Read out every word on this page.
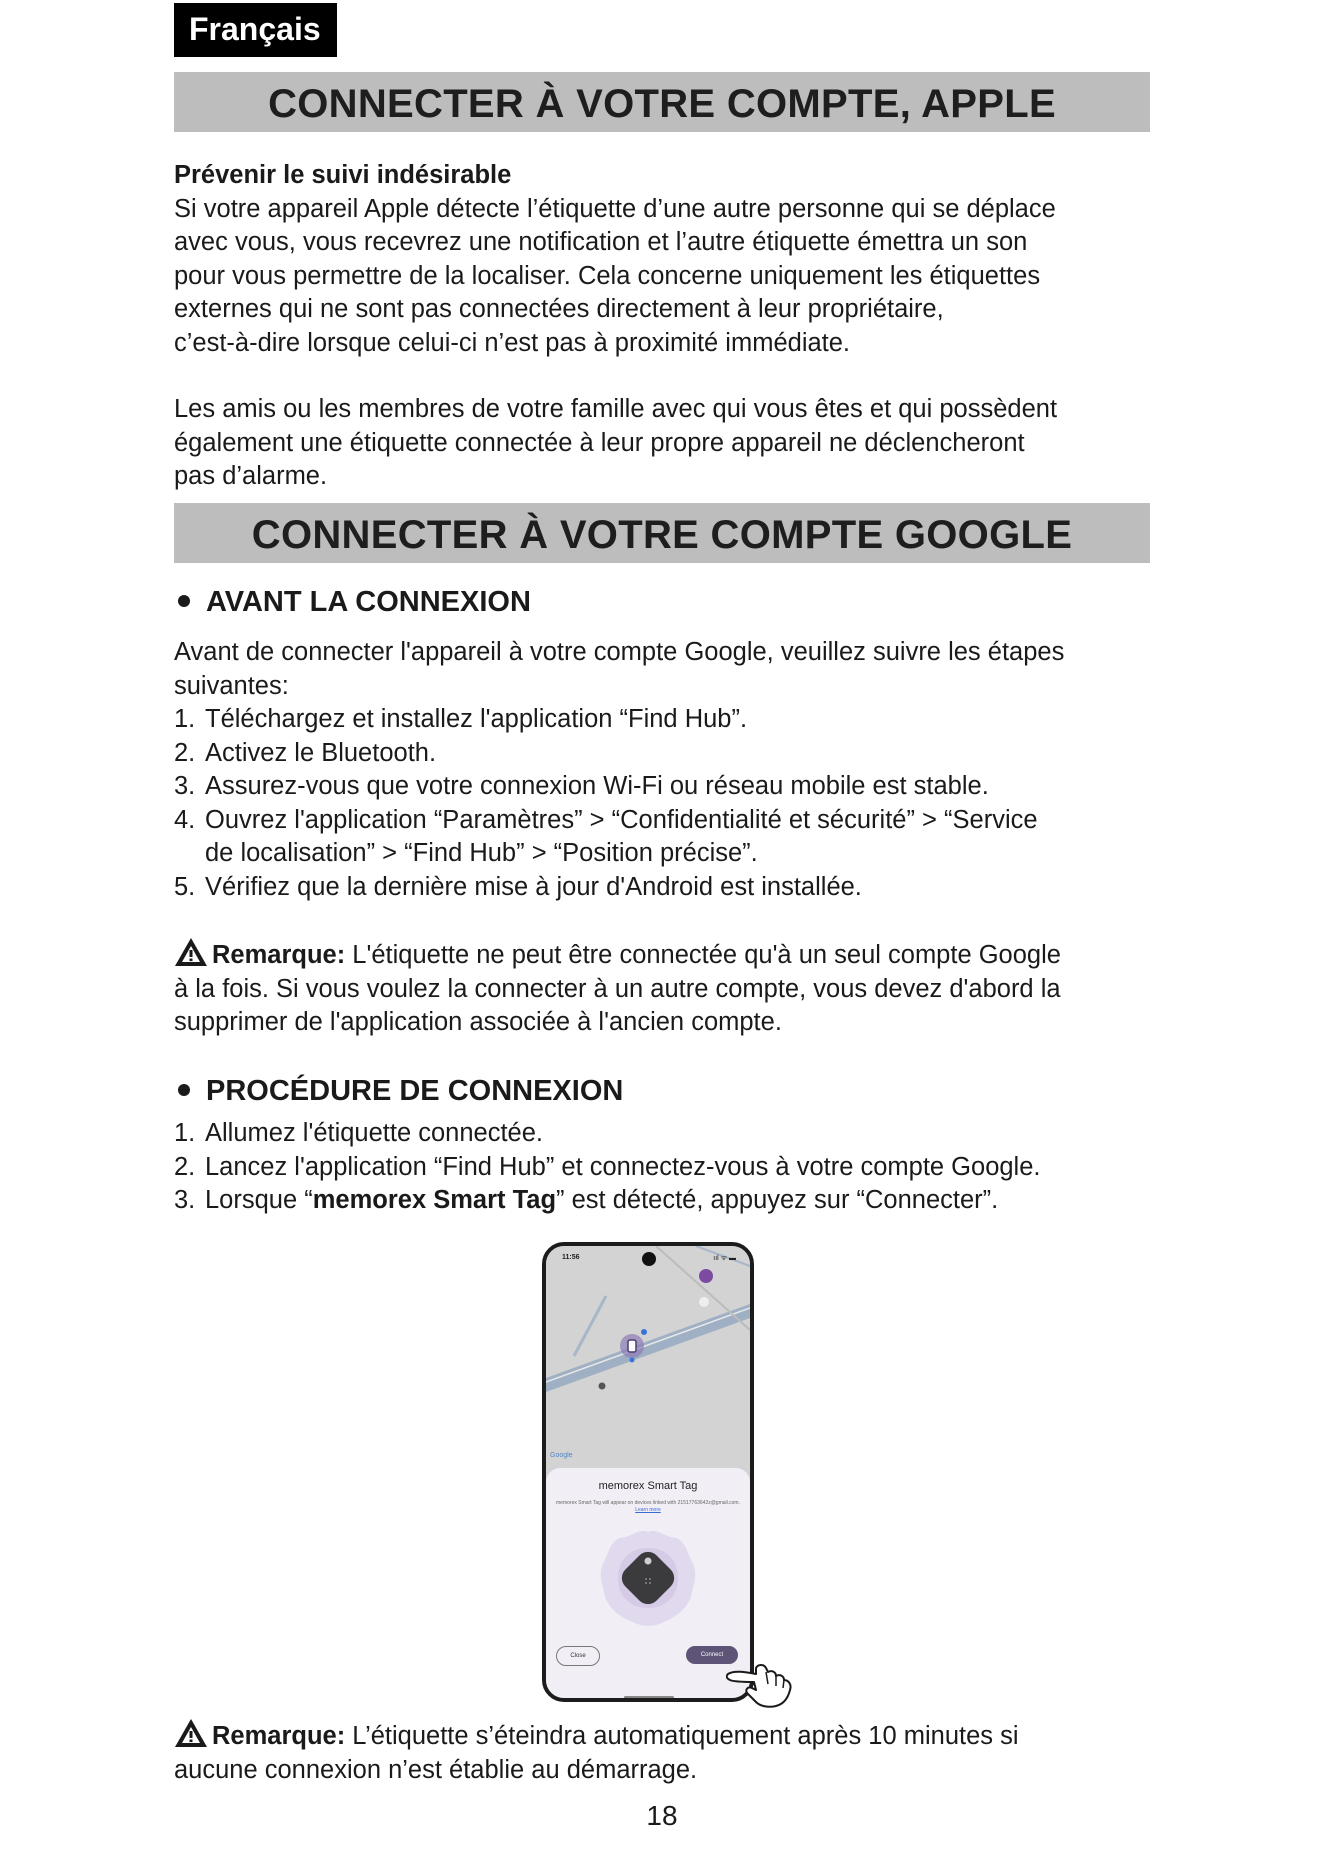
Français
CONNECTER À VOTRE COMPTE, APPLE

Prévenir le suivi indésirable

Si votre appareil Apple détecte l’étiquette d’une autre personne qui se déplace
avec vous, vous recevrez une notification et l’autre étiquette émettra un son
pour vous permettre de la localiser. Cela concerne uniquement les étiquettes
externes qui ne sont pas connectées directement à leur propriétaire,
c’est-à-dire lorsque celui-ci n’est pas à proximité immédiate.

Les amis ou les membres de votre famille avec qui vous êtes et qui possèdent
également une étiquette connectée à leur propre appareil ne déclencheront
pas d’alarme.
CONNECTER À VOTRE COMPTE GOOGLE
AVANT LA CONNEXION

Avant de connecter l'appareil à votre compte Google, veuillez suivre les étapes
suivantes:

1. Téléchargez et installez l'application “Find Hub”.
2. Activez le Bluetooth.
3. Assurez-vous que votre connexion Wi-Fi ou réseau mobile est stable.
4. Ouvrez l'application “Paramètres” > “Confidentialité et sécurité” > “Service
de localisation” > “Find Hub” > “Position précise”.
5. Vérifiez que la dernière mise à jour d'Android est installée.
Remarque: L'étiquette ne peut être connectée qu'à un seul compte Google
à la fois. Si vous voulez la connecter à un autre compte, vous devez d'abord la
supprimer de l'application associée à l'ancien compte.
PROCÉDURE DE CONNEXION
1. Allumez l'étiquette connectée.
2. Lancez l'application “Find Hub” et connectez-vous à votre compte Google.
3. Lorsque “memorex Smart Tag” est détecté, appuyez sur “Connecter”.
11:56	ııl ᯤ ▬
Google
memorex Smart Tag
memorex Smart Tag will appear on devices linked with 21517763642z@gmail.com. Learn more
Close	Connect
Remarque: L’étiquette s’éteindra automatiquement après 10 minutes si
aucune connexion n’est établie au démarrage.
18
